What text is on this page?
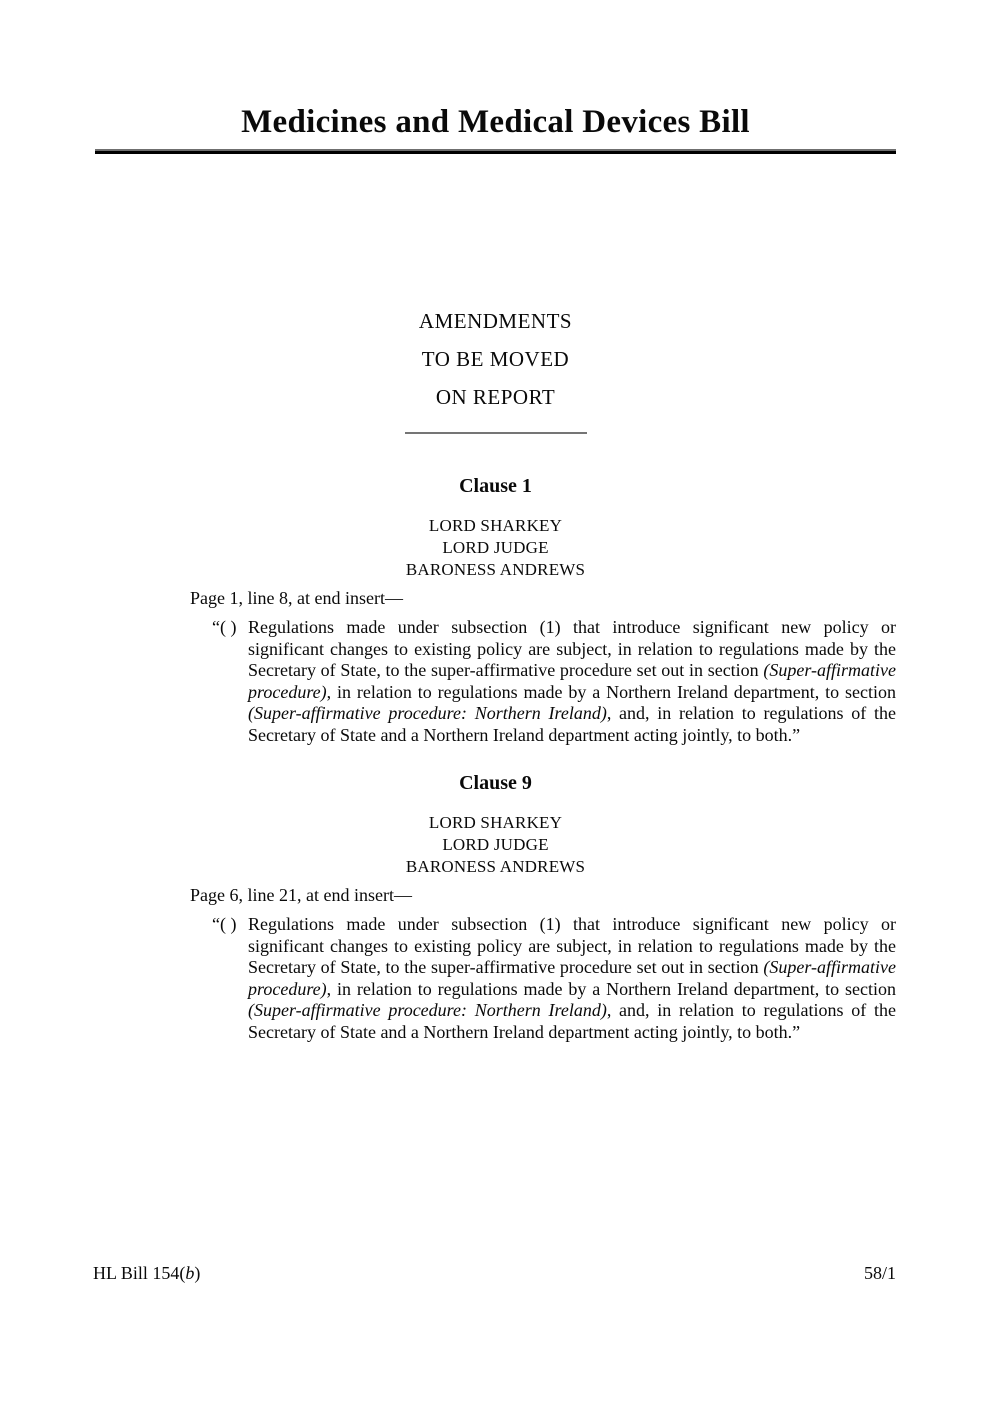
Medicines and Medical Devices Bill
AMENDMENTS
TO BE MOVED
ON REPORT
Clause 1
LORD SHARKEY
LORD JUDGE
BARONESS ANDREWS
Page 1, line 8, at end insert—
“( ) Regulations made under subsection (1) that introduce significant new policy or significant changes to existing policy are subject, in relation to regulations made by the Secretary of State, to the super-affirmative procedure set out in section (Super-affirmative procedure), in relation to regulations made by a Northern Ireland department, to section (Super-affirmative procedure: Northern Ireland), and, in relation to regulations of the Secretary of State and a Northern Ireland department acting jointly, to both.”
Clause 9
LORD SHARKEY
LORD JUDGE
BARONESS ANDREWS
Page 6, line 21, at end insert—
“( ) Regulations made under subsection (1) that introduce significant new policy or significant changes to existing policy are subject, in relation to regulations made by the Secretary of State, to the super-affirmative procedure set out in section (Super-affirmative procedure), in relation to regulations made by a Northern Ireland department, to section (Super-affirmative procedure: Northern Ireland), and, in relation to regulations of the Secretary of State and a Northern Ireland department acting jointly, to both.”
HL Bill 154(b)	58/1
